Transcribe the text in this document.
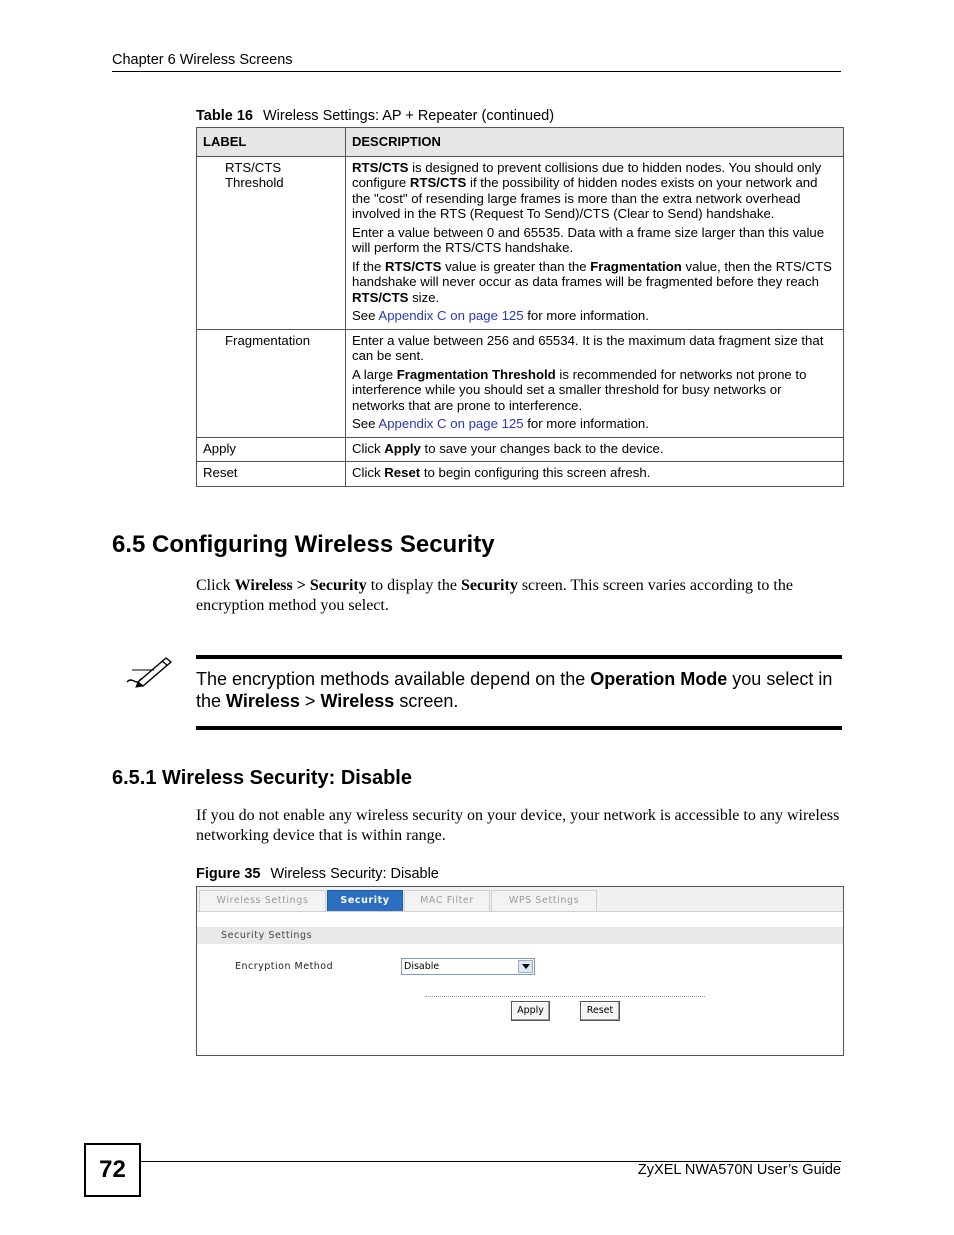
Chapter 6 Wireless Screens
Table 16 Wireless Settings: AP + Repeater (continued)
LABEL	DESCRIPTION
RTS/CTS Threshold	RTS/CTS is designed to prevent collisions due to hidden nodes. You should only configure RTS/CTS if the possibility of hidden nodes exists on your network and the "cost" of resending large frames is more than the extra network overhead involved in the RTS (Request To Send)/CTS (Clear to Send) handshake.

Enter a value between 0 and 65535. Data with a frame size larger than this value will perform the RTS/CTS handshake.

If the RTS/CTS value is greater than the Fragmentation value, then the RTS/CTS handshake will never occur as data frames will be fragmented before they reach RTS/CTS size.

See Appendix C on page 125 for more information.

Fragmentation	Enter a value between 256 and 65534. It is the maximum data fragment size that can be sent.

A large Fragmentation Threshold is recommended for networks not prone to interference while you should set a smaller threshold for busy networks or networks that are prone to interference.

See Appendix C on page 125 for more information.

Apply	Click Apply to save your changes back to the device.
Reset	Click Reset to begin configuring this screen afresh.
6.5 Configuring Wireless Security

Click Wireless > Security to display the Security screen. This screen varies according to the encryption method you select.

The encryption methods available depend on the Operation Mode you select in the Wireless > Wireless screen.
6.5.1 Wireless Security: Disable

If you do not enable any wireless security on your device, your network is accessible to any wireless networking device that is within range.

Figure 35 Wireless Security: Disable
Wireless Settings	Security	MAC Filter	WPS Settings
Security Settings
Encryption Method	Disable
Apply	Reset
72	ZyXEL NWA570N User’s Guide
